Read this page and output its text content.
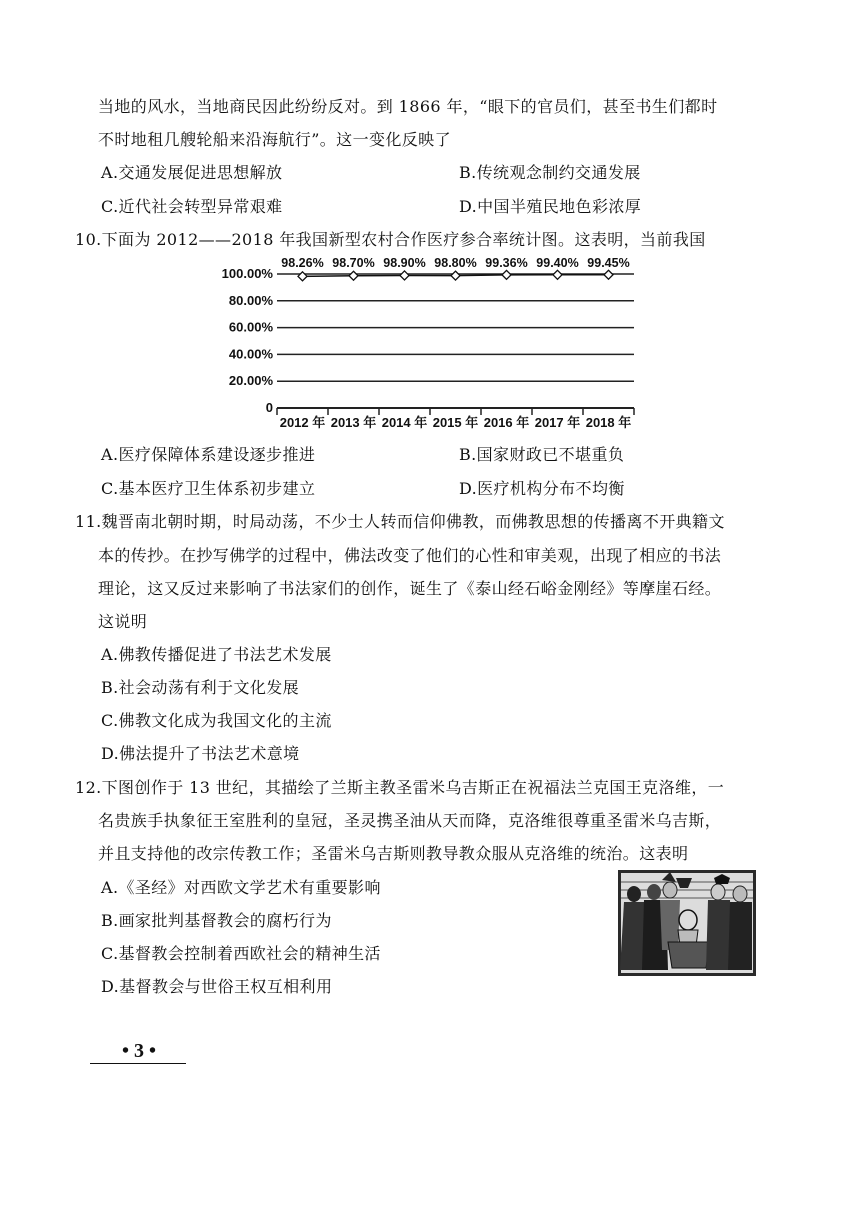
当地的风水，当地商民因此纷纷反对。到 1866 年，“眼下的官员们，甚至书生们都时
不时地租几艘轮船来沿海航行”。这一变化反映了
A.交通发展促进思想解放	B.传统观念制约交通发展
C.近代社会转型异常艰难	D.中国半殖民地色彩浓厚
10.下面为 2012——2018 年我国新型农村合作医疗参合率统计图。这表明，当前我国
0
20.00%
40.00%
60.00%
80.00%
100.00%
2012 年 2013 年 2014 年 2015 年 2016 年 2017 年 2018 年
98.26% 98.70% 98.90% 98.80% 99.36% 99.40% 99.45%
A.医疗保障体系建设逐步推进	B.国家财政已不堪重负
C.基本医疗卫生体系初步建立	D.医疗机构分布不均衡
11.魏晋南北朝时期，时局动荡，不少士人转而信仰佛教，而佛教思想的传播离不开典籍文
本的传抄。在抄写佛学的过程中，佛法改变了他们的心性和审美观，出现了相应的书法
理论，这又反过来影响了书法家们的创作，诞生了《泰山经石峪金刚经》等摩崖石经。
这说明
A.佛教传播促进了书法艺术发展
B.社会动荡有利于文化发展
C.佛教文化成为我国文化的主流
D.佛法提升了书法艺术意境
12.下图创作于 13 世纪，其描绘了兰斯主教圣雷米乌吉斯正在祝福法兰克国王克洛维，一
名贵族手执象征王室胜利的皇冠，圣灵携圣油从天而降，克洛维很尊重圣雷米乌吉斯，
并且支持他的改宗传教工作；圣雷米乌吉斯则教导教众服从克洛维的统治。这表明
A.《圣经》对西欧文学艺术有重要影响
B.画家批判基督教会的腐朽行为
C.基督教会控制着西欧社会的精神生活
D.基督教会与世俗王权互相利用
• 3 •
